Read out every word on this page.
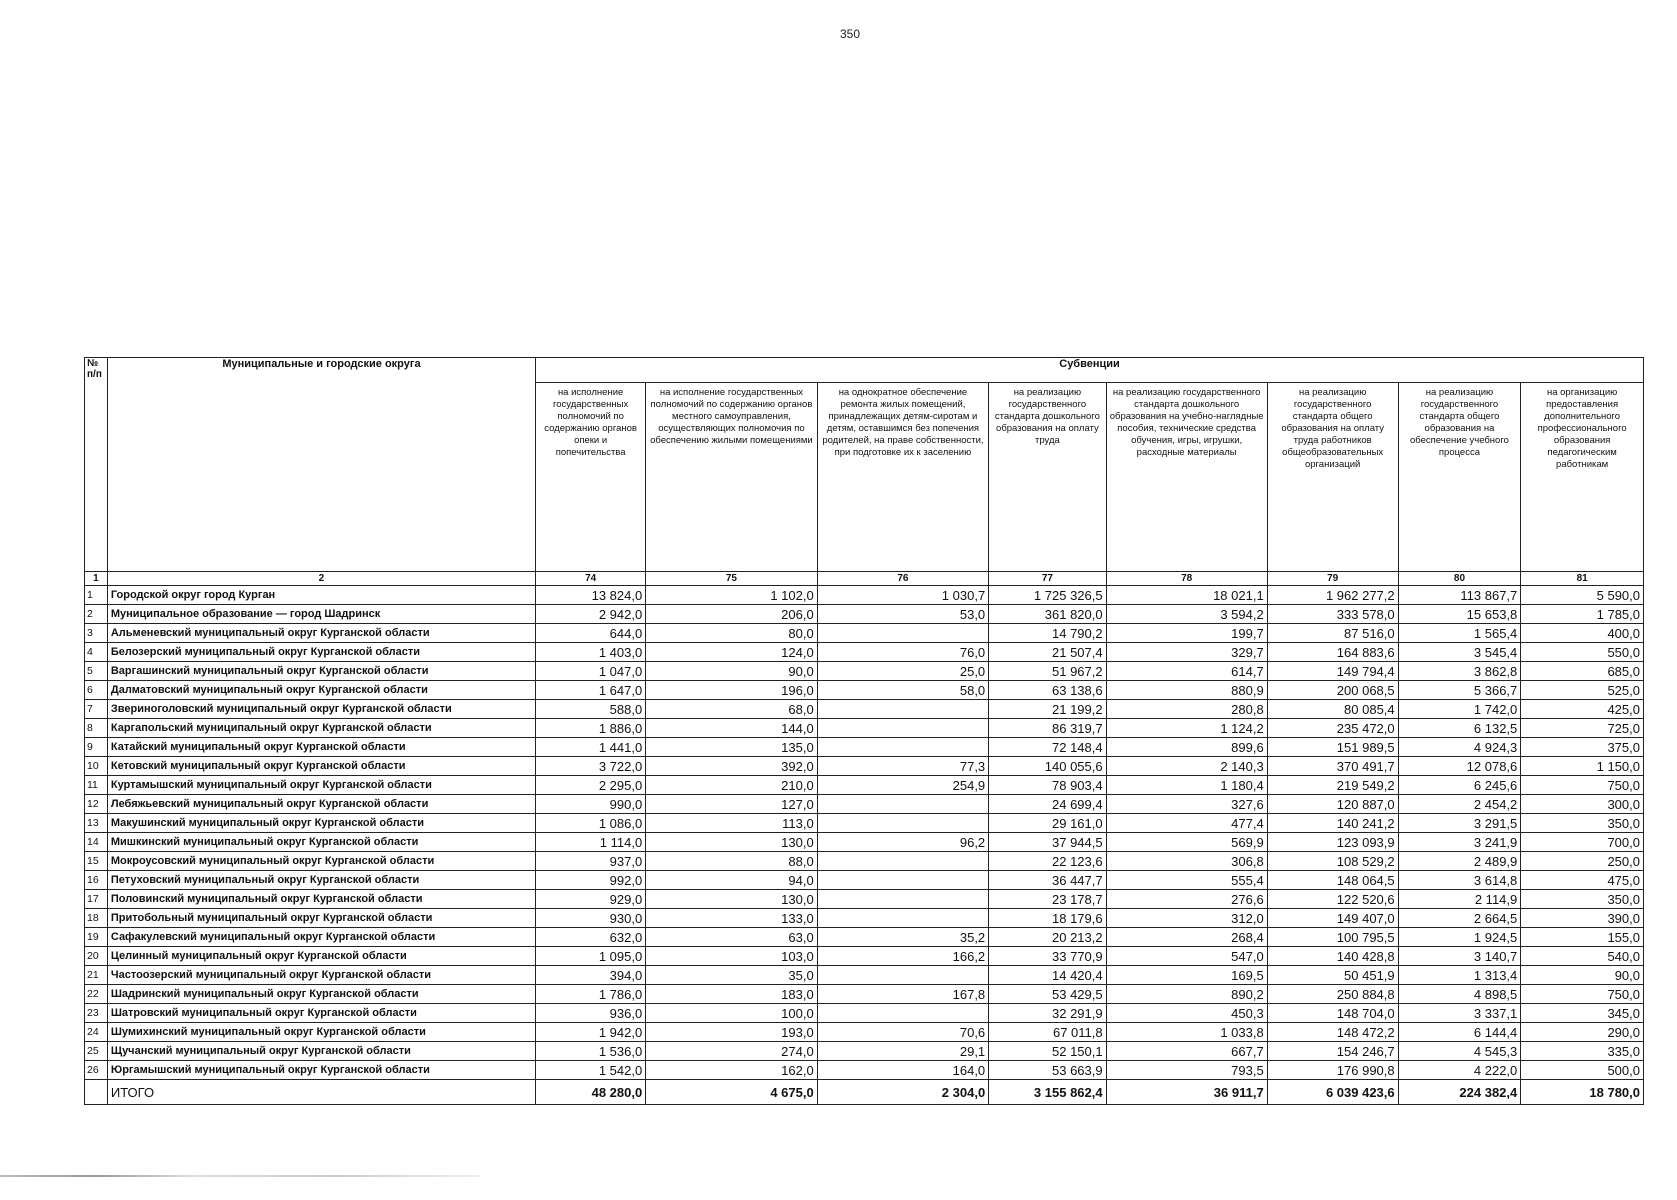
350
№ п/п	Муниципальные и городские округа	Субвенции							
		на исполнение государственных полномочий по содержанию органов опеки и попечительства	на исполнение государственных полномочий по содержанию органов местного самоуправления, осуществляющих полномочия по обеспечению жилыми помещениями	на однократное обеспечение ремонта жилых помещений, принадлежащих детям-сиротам и детям, оставшимся без попечения родителей, на праве собственности, при подготовке их к заселению	на реализацию государственного стандарта дошкольного образования на оплату труда	на реализацию государственного стандарта дошкольного образования на учебно-наглядные пособия, технические средства обучения, игры, игрушки, расходные материалы	на реализацию государственного стандарта общего образования на оплату труда работников общеобразовательных организаций	на реализацию государственного стандарта общего образования на обеспечение учебного процесса	на организацию предоставления дополнительного профессионального образования педагогическим работникам
1	2	74	75	76	77	78	79	80	81
1	Городской округ город Курган	13 824,0	1 102,0	1 030,7	1 725 326,5	18 021,1	1 962 277,2	113 867,7	5 590,0
2	Муниципальное образование — город Шадринск	2 942,0	206,0	53,0	361 820,0	3 594,2	333 578,0	15 653,8	1 785,0
3	Альменевский муниципальный округ Курганской области	644,0	80,0		14 790,2	199,7	87 516,0	1 565,4	400,0
4	Белозерский муниципальный округ Курганской области	1 403,0	124,0	76,0	21 507,4	329,7	164 883,6	3 545,4	550,0
5	Варгашинский муниципальный округ Курганской области	1 047,0	90,0	25,0	51 967,2	614,7	149 794,4	3 862,8	685,0
6	Далматовский муниципальный округ Курганской области	1 647,0	196,0	58,0	63 138,6	880,9	200 068,5	5 366,7	525,0
7	Звериноголовский муниципальный округ Курганской области	588,0	68,0		21 199,2	280,8	80 085,4	1 742,0	425,0
8	Каргапольский муниципальный округ Курганской области	1 886,0	144,0		86 319,7	1 124,2	235 472,0	6 132,5	725,0
9	Катайский муниципальный округ Курганской области	1 441,0	135,0		72 148,4	899,6	151 989,5	4 924,3	375,0
10	Кетовский муниципальный округ Курганской области	3 722,0	392,0	77,3	140 055,6	2 140,3	370 491,7	12 078,6	1 150,0
11	Куртамышский муниципальный округ Курганской области	2 295,0	210,0	254,9	78 903,4	1 180,4	219 549,2	6 245,6	750,0
12	Лебяжьевский муниципальный округ Курганской области	990,0	127,0		24 699,4	327,6	120 887,0	2 454,2	300,0
13	Макушинский муниципальный округ Курганской области	1 086,0	113,0		29 161,0	477,4	140 241,2	3 291,5	350,0
14	Мишкинский муниципальный округ Курганской области	1 114,0	130,0	96,2	37 944,5	569,9	123 093,9	3 241,9	700,0
15	Мокроусовский муниципальный округ Курганской области	937,0	88,0		22 123,6	306,8	108 529,2	2 489,9	250,0
16	Петуховский муниципальный округ Курганской области	992,0	94,0		36 447,7	555,4	148 064,5	3 614,8	475,0
17	Половинский муниципальный округ Курганской области	929,0	130,0		23 178,7	276,6	122 520,6	2 114,9	350,0
18	Притобольный муниципальный округ Курганской области	930,0	133,0		18 179,6	312,0	149 407,0	2 664,5	390,0
19	Сафакулевский муниципальный округ Курганской области	632,0	63,0	35,2	20 213,2	268,4	100 795,5	1 924,5	155,0
20	Целинный муниципальный округ Курганской области	1 095,0	103,0	166,2	33 770,9	547,0	140 428,8	3 140,7	540,0
21	Частоозерский муниципальный округ Курганской области	394,0	35,0		14 420,4	169,5	50 451,9	1 313,4	90,0
22	Шадринский муниципальный округ Курганской области	1 786,0	183,0	167,8	53 429,5	890,2	250 884,8	4 898,5	750,0
23	Шатровский муниципальный округ Курганской области	936,0	100,0		32 291,9	450,3	148 704,0	3 337,1	345,0
24	Шумихинский муниципальный округ Курганской области	1 942,0	193,0	70,6	67 011,8	1 033,8	148 472,2	6 144,4	290,0
25	Щучанский муниципальный округ Курганской области	1 536,0	274,0	29,1	52 150,1	667,7	154 246,7	4 545,3	335,0
26	Юргамышский муниципальный округ Курганской области	1 542,0	162,0	164,0	53 663,9	793,5	176 990,8	4 222,0	500,0
	ИТОГО	48 280,0	4 675,0	2 304,0	3 155 862,4	36 911,7	6 039 423,6	224 382,4	18 780,0
